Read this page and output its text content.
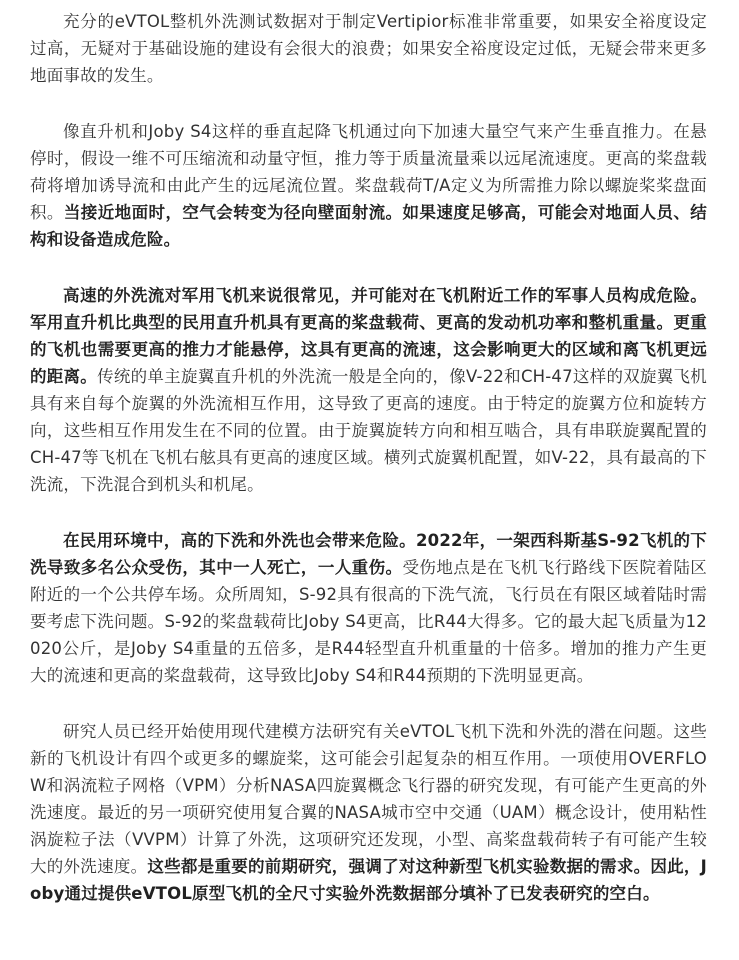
充分的eVTOL整机外洗测试数据对于制定Vertipior标准非常重要，如果安全裕度设定过高，无疑对于基础设施的建设有会很大的浪费；如果安全裕度设定过低，无疑会带来更多地面事故的发生。

像直升机和Joby S4这样的垂直起降飞机通过向下加速大量空气来产生垂直推力。在悬停时，假设一维不可压缩流和动量守恒，推力等于质量流量乘以远尾流速度。更高的桨盘载荷将增加诱导流和由此产生的远尾流位置。桨盘载荷T/A定义为所需推力除以螺旋桨桨盘面积。当接近地面时，空气会转变为径向壁面射流。如果速度足够高，可能会对地面人员、结构和设备造成危险。

高速的外洗流对军用飞机来说很常见，并可能对在飞机附近工作的军事人员构成危险。军用直升机比典型的民用直升机具有更高的桨盘载荷、更高的发动机功率和整机重量。更重的飞机也需要更高的推力才能悬停，这具有更高的流速，这会影响更大的区域和离飞机更远的距离。传统的单主旋翼直升机的外洗流一般是全向的，像V-22和CH-47这样的双旋翼飞机具有来自每个旋翼的外洗流相互作用，这导致了更高的速度。由于特定的旋翼方位和旋转方向，这些相互作用发生在不同的位置。由于旋翼旋转方向和相互啮合，具有串联旋翼配置的CH-47等飞机在飞机右舷具有更高的速度区域。横列式旋翼机配置，如V-22，具有最高的下洗流，下洗混合到机头和机尾。

在民用环境中，高的下洗和外洗也会带来危险。2022年，一架西科斯基S-92飞机的下洗导致多名公众受伤，其中一人死亡，一人重伤。受伤地点是在飞机飞行路线下医院着陆区附近的一个公共停车场。众所周知，S-92具有很高的下洗气流，飞行员在有限区域着陆时需要考虑下洗问题。S-92的桨盘载荷比Joby S4更高，比R44大得多。它的最大起飞质量为12020公斤，是Joby S4重量的五倍多，是R44轻型直升机重量的十倍多。增加的推力产生更大的流速和更高的桨盘载荷，这导致比Joby S4和R44预期的下洗明显更高。

研究人员已经开始使用现代建模方法研究有关eVTOL飞机下洗和外洗的潜在问题。这些新的飞机设计有四个或更多的螺旋桨，这可能会引起复杂的相互作用。一项使用OVERFLOW和涡流粒子网格（VPM）分析NASA四旋翼概念飞行器的研究发现，有可能产生更高的外洗速度。最近的另一项研究使用复合翼的NASA城市空中交通（UAM）概念设计，使用粘性涡旋粒子法（VVPM）计算了外洗，这项研究还发现，小型、高桨盘载荷转子有可能产生较大的外洗速度。这些都是重要的前期研究，强调了对这种新型飞机实验数据的需求。因此，Joby通过提供eVTOL原型飞机的全尺寸实验外洗数据部分填补了已发表研究的空白。
